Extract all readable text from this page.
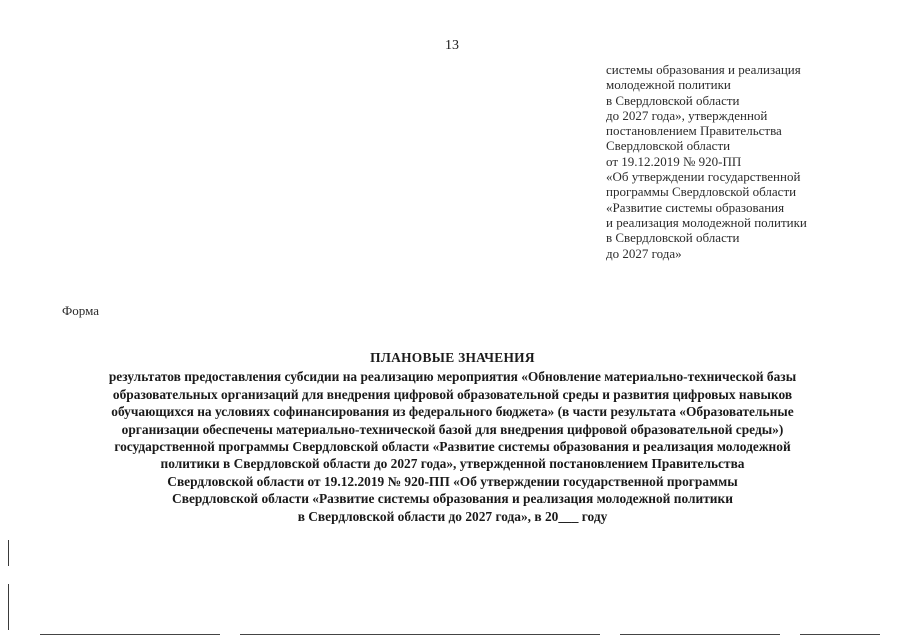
13
системы образования и реализация
молодежной политики
в Свердловской области
до 2027 года», утвержденной
постановлением Правительства
Свердловской области
от 19.12.2019 № 920-ПП
«Об утверждении государственной
программы Свердловской области
«Развитие системы образования
и реализация молодежной политики
в Свердловской области
до 2027 года»
Форма
ПЛАНОВЫЕ ЗНАЧЕНИЯ
результатов предоставления субсидии на реализацию мероприятия «Обновление материально-технической базы
образовательных организаций для внедрения цифровой образовательной среды и развития цифровых навыков
обучающихся на условиях софинансирования из федерального бюджета» (в части результата «Образовательные
организации обеспечены материально-технической базой для внедрения цифровой образовательной среды»)
государственной программы Свердловской области «Развитие системы образования и реализация молодежной
политики в Свердловской области до 2027 года», утвержденной постановлением Правительства
Свердловской области от 19.12.2019 № 920-ПП «Об утверждении государственной программы
Свердловской области «Развитие системы образования и реализация молодежной политики
в Свердловской области до 2027 года», в 20___ году
